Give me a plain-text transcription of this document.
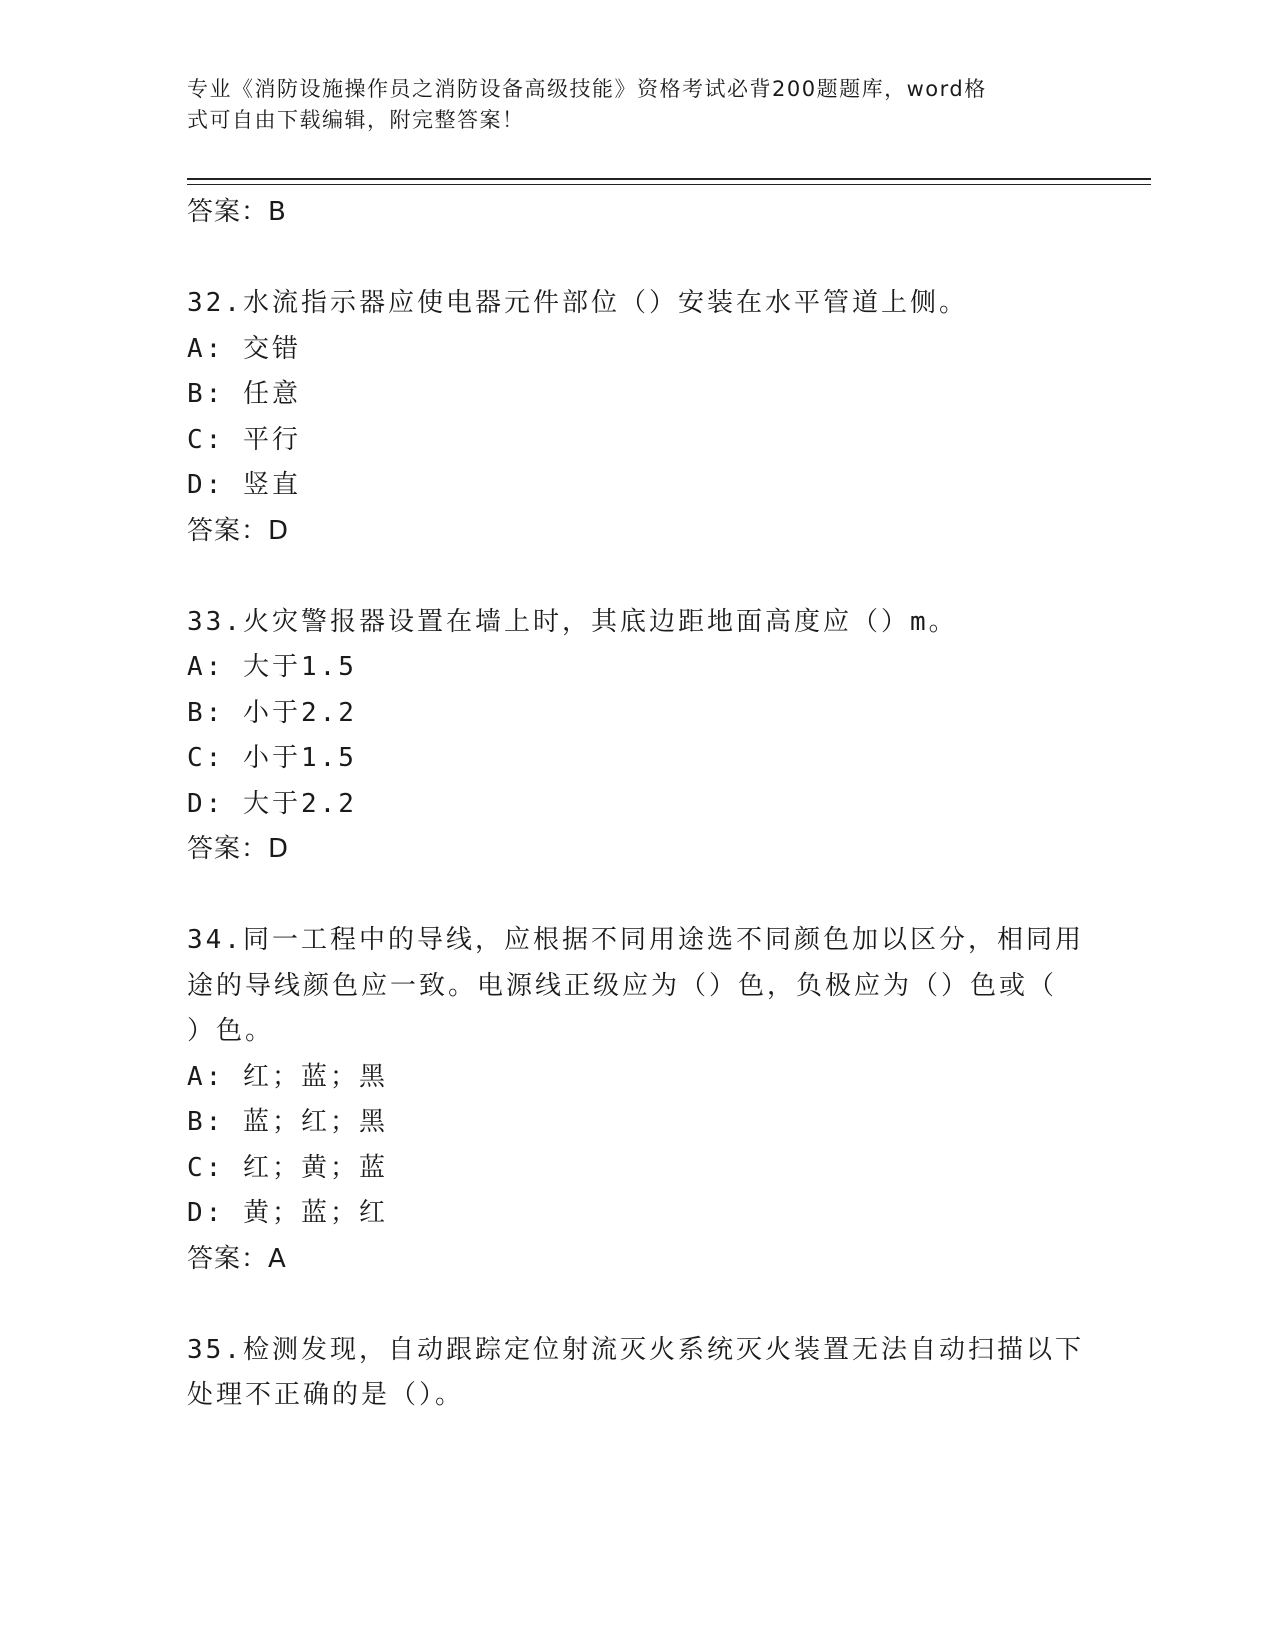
专业《消防设施操作员之消防设备高级技能》资格考试必背200题题库，word格
式可自由下载编辑，附完整答案！
答案：B
32.水流指示器应使电器元件部位（）安装在水平管道上侧。
A: 交错
B: 任意
C: 平行
D: 竖直
答案：D
33.火灾警报器设置在墙上时，其底边距地面高度应（）m。
A: 大于1.5
B: 小于2.2
C: 小于1.5
D: 大于2.2
答案：D
34.同一工程中的导线，应根据不同用途选不同颜色加以区分，相同用
途的导线颜色应一致。电源线正级应为（）色，负极应为（）色或（
）色。
A: 红；蓝；黑
B: 蓝；红；黑
C: 红；黄；蓝
D: 黄；蓝；红
答案：A
35.检测发现，自动跟踪定位射流灭火系统灭火装置无法自动扫描以下
处理不正确的是（）。
